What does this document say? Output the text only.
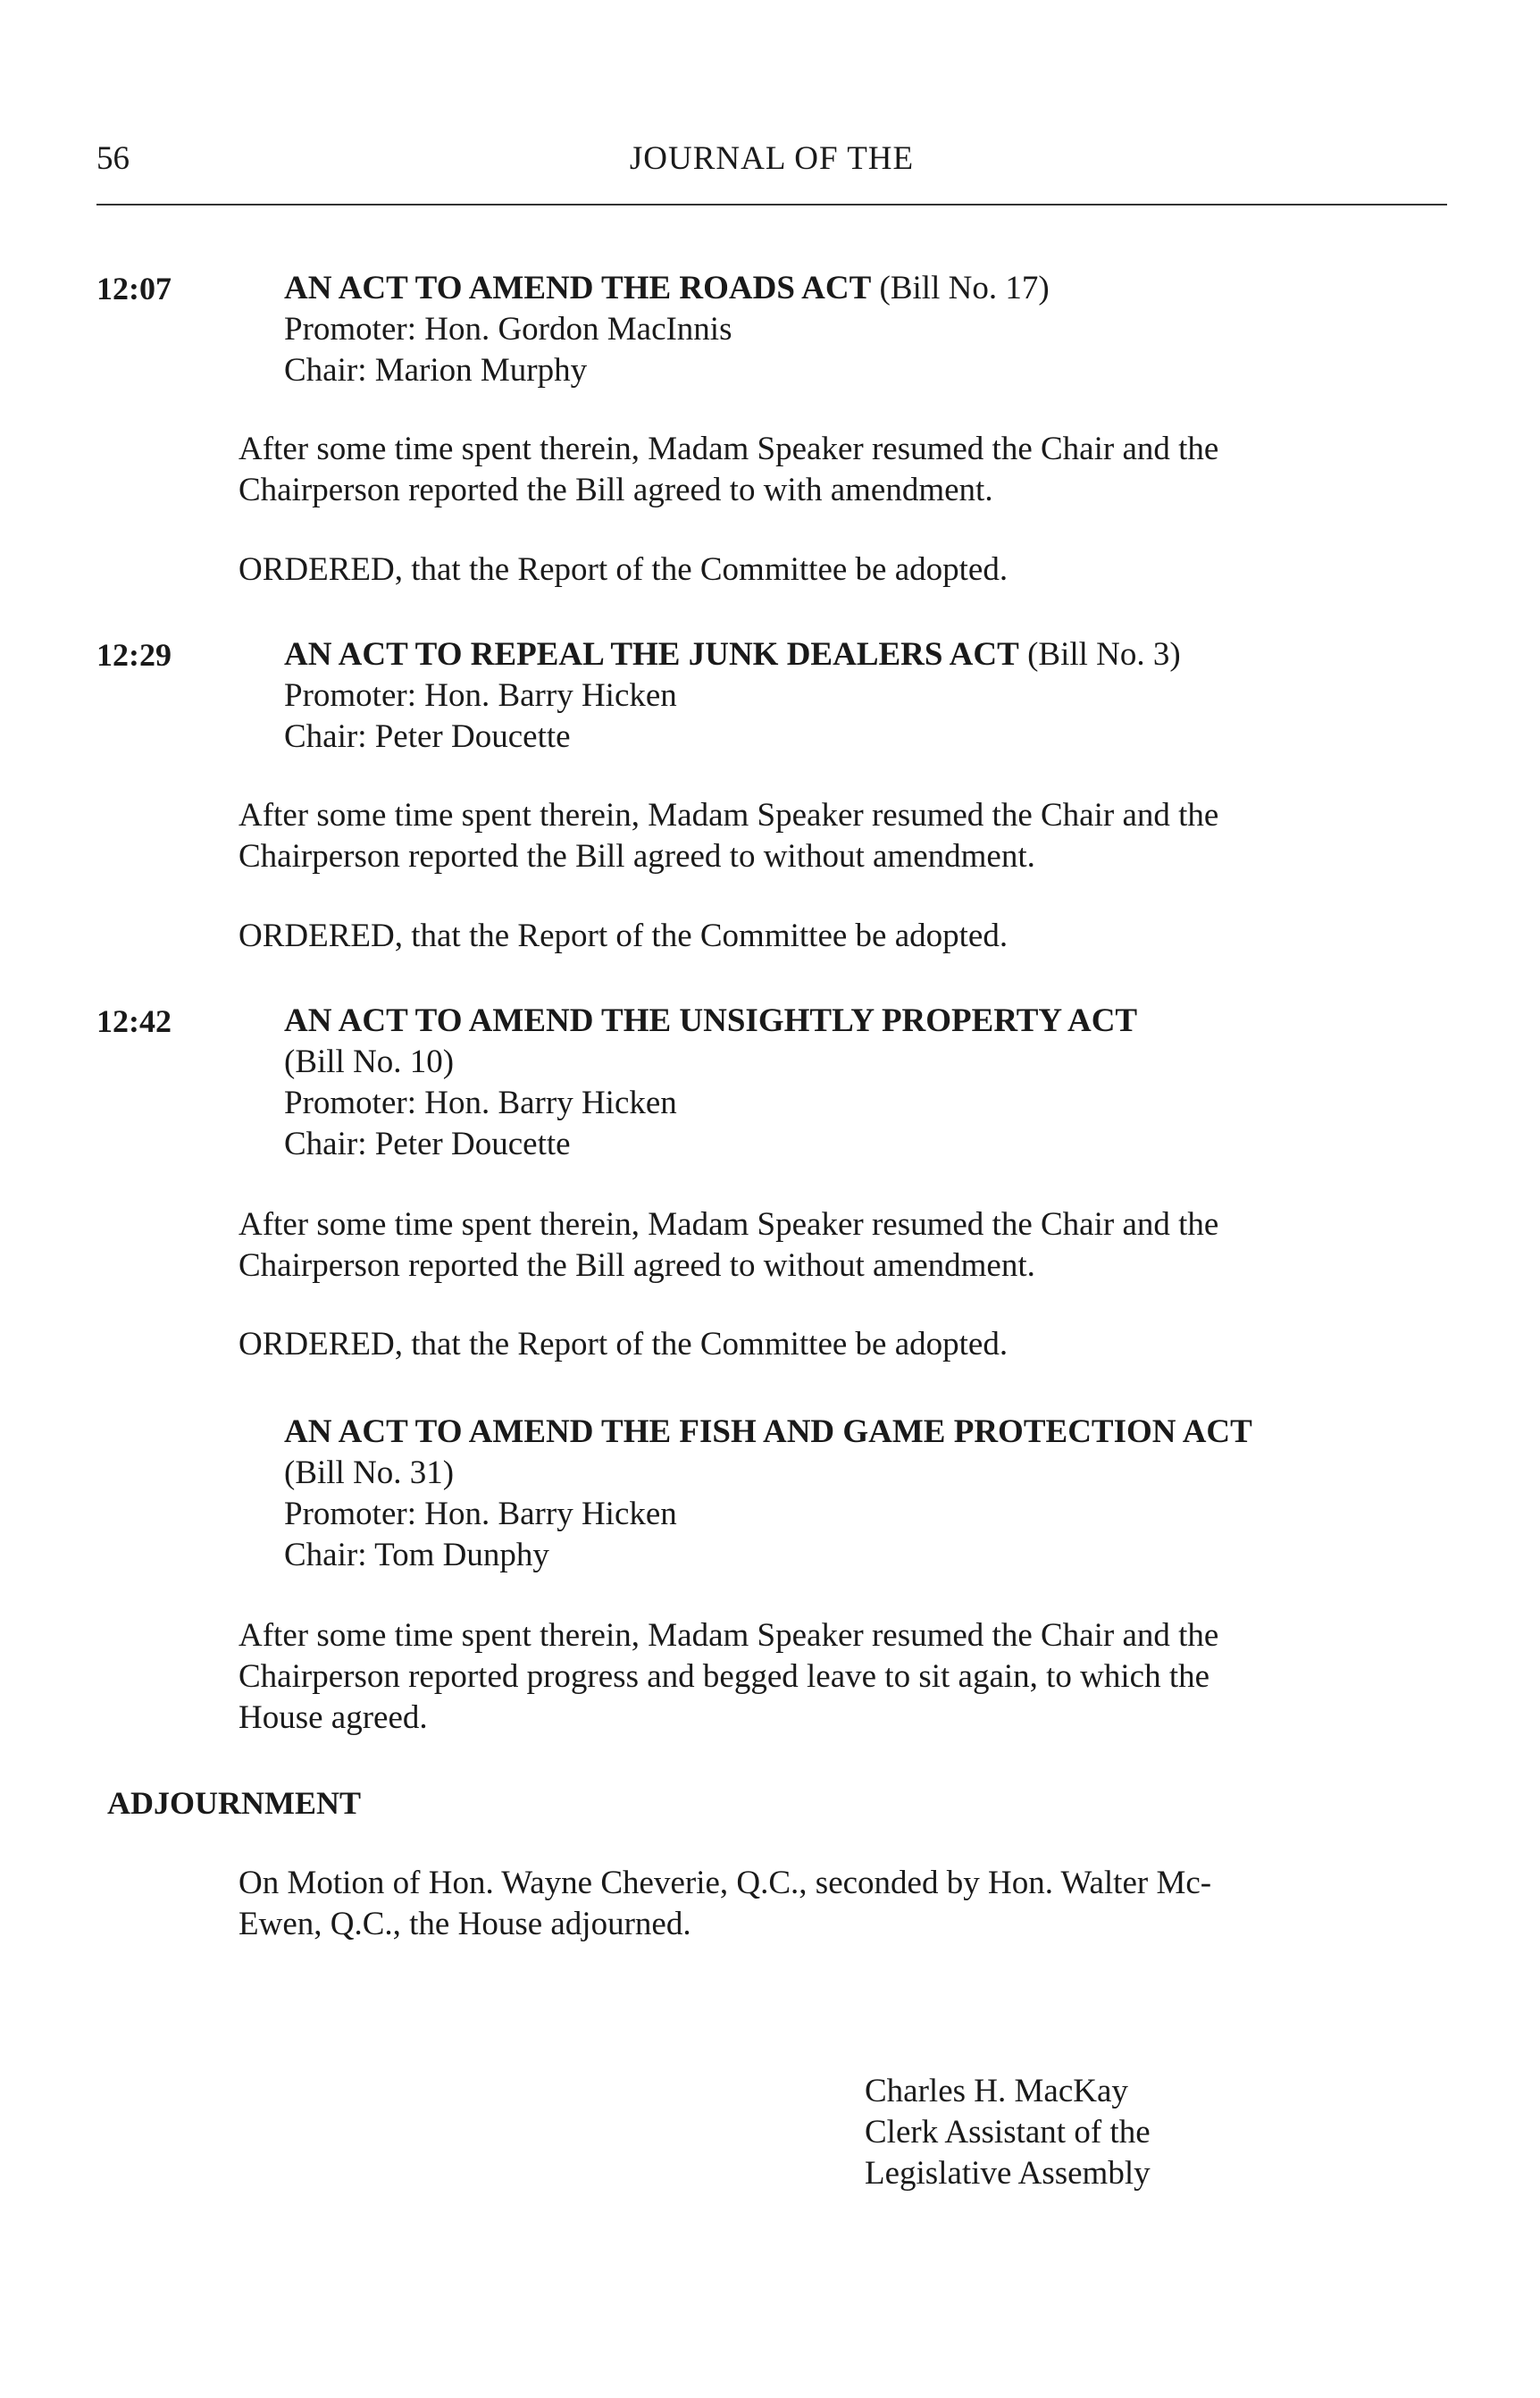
56	JOURNAL OF THE
12:07	AN ACT TO AMEND THE ROADS ACT (Bill No. 17)
Promoter: Hon. Gordon MacInnis
Chair: Marion Murphy
After some time spent therein, Madam Speaker resumed the Chair and the
Chairperson reported the Bill agreed to with amendment.
ORDERED, that the Report of the Committee be adopted.
12:29	AN ACT TO REPEAL THE JUNK DEALERS ACT (Bill No. 3)
Promoter: Hon. Barry Hicken
Chair: Peter Doucette
After some time spent therein, Madam Speaker resumed the Chair and the
Chairperson reported the Bill agreed to without amendment.
ORDERED, that the Report of the Committee be adopted.
12:42	AN ACT TO AMEND THE UNSIGHTLY PROPERTY ACT
(Bill No. 10)
Promoter: Hon. Barry Hicken
Chair: Peter Doucette
After some time spent therein, Madam Speaker resumed the Chair and the
Chairperson reported the Bill agreed to without amendment.
ORDERED, that the Report of the Committee be adopted.
AN ACT TO AMEND THE FISH AND GAME PROTECTION ACT
(Bill No. 31)
Promoter: Hon. Barry Hicken
Chair: Tom Dunphy
After some time spent therein, Madam Speaker resumed the Chair and the
Chairperson reported progress and begged leave to sit again, to which the
House agreed.
ADJOURNMENT
On Motion of Hon. Wayne Cheverie, Q.C., seconded by Hon. Walter Mc-
Ewen, Q.C., the House adjourned.
Charles H. MacKay
Clerk Assistant of the
Legislative Assembly
